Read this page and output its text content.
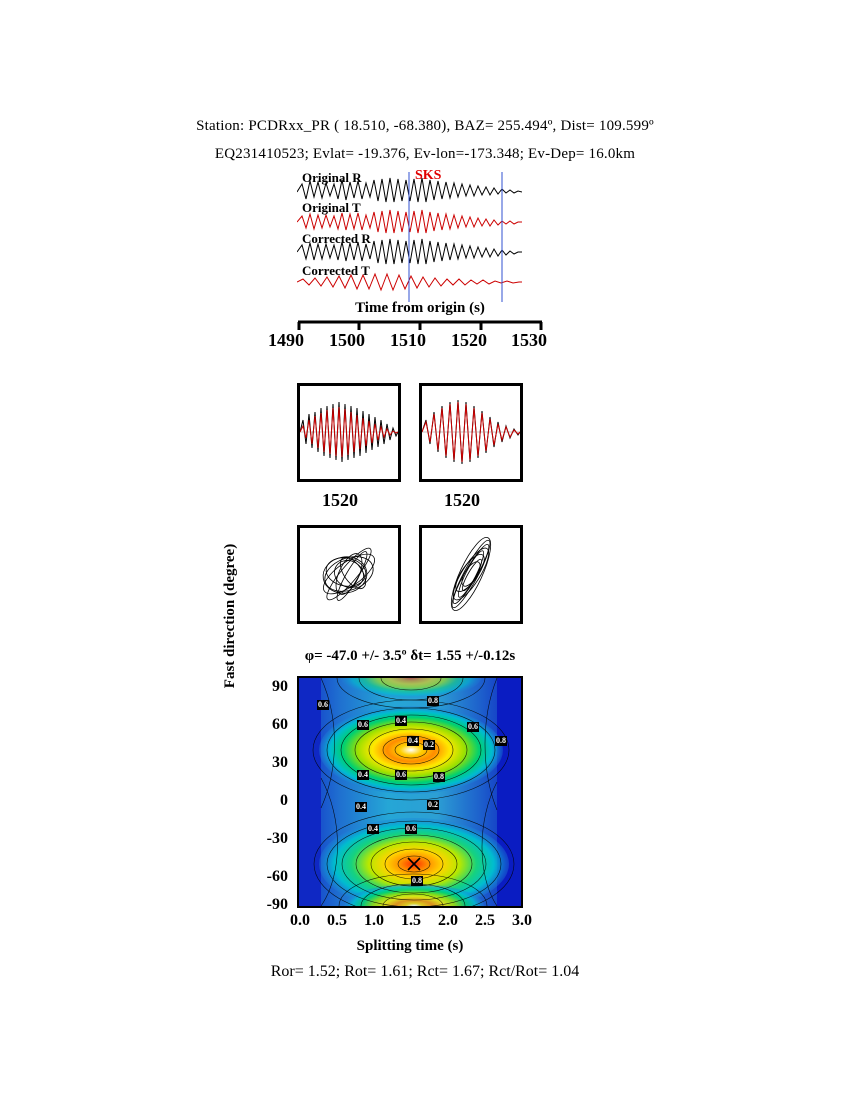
Station: PCDRxx_PR ( 18.510, -68.380), BAZ= 255.494º, Dist= 109.599º
EQ231410523; Evlat= -19.376, Ev-lon=-173.348; Ev-Dep= 16.0km
SKS
Original R
Original T
Corrected R
Corrected T
Time from origin (s)
1490 1500 1510 1520 1530
1520	1520
φ= -47.0 +/- 3.5º δt= 1.55 +/-0.12s
Fast direction (degree)	90
60
30
0
-30
-60
-90
0.6	0.8
0.6	0.4
0.6
0.8
0.4 0.2
0.4	0.6	0.8
0.4	0.2
0.4	0.6
0.8
0.0	0.5	1.0	1.5	2.0	2.5	3.0
Splitting time (s)
Ror= 1.52; Rot= 1.61; Rct= 1.67; Rct/Rot= 1.04
